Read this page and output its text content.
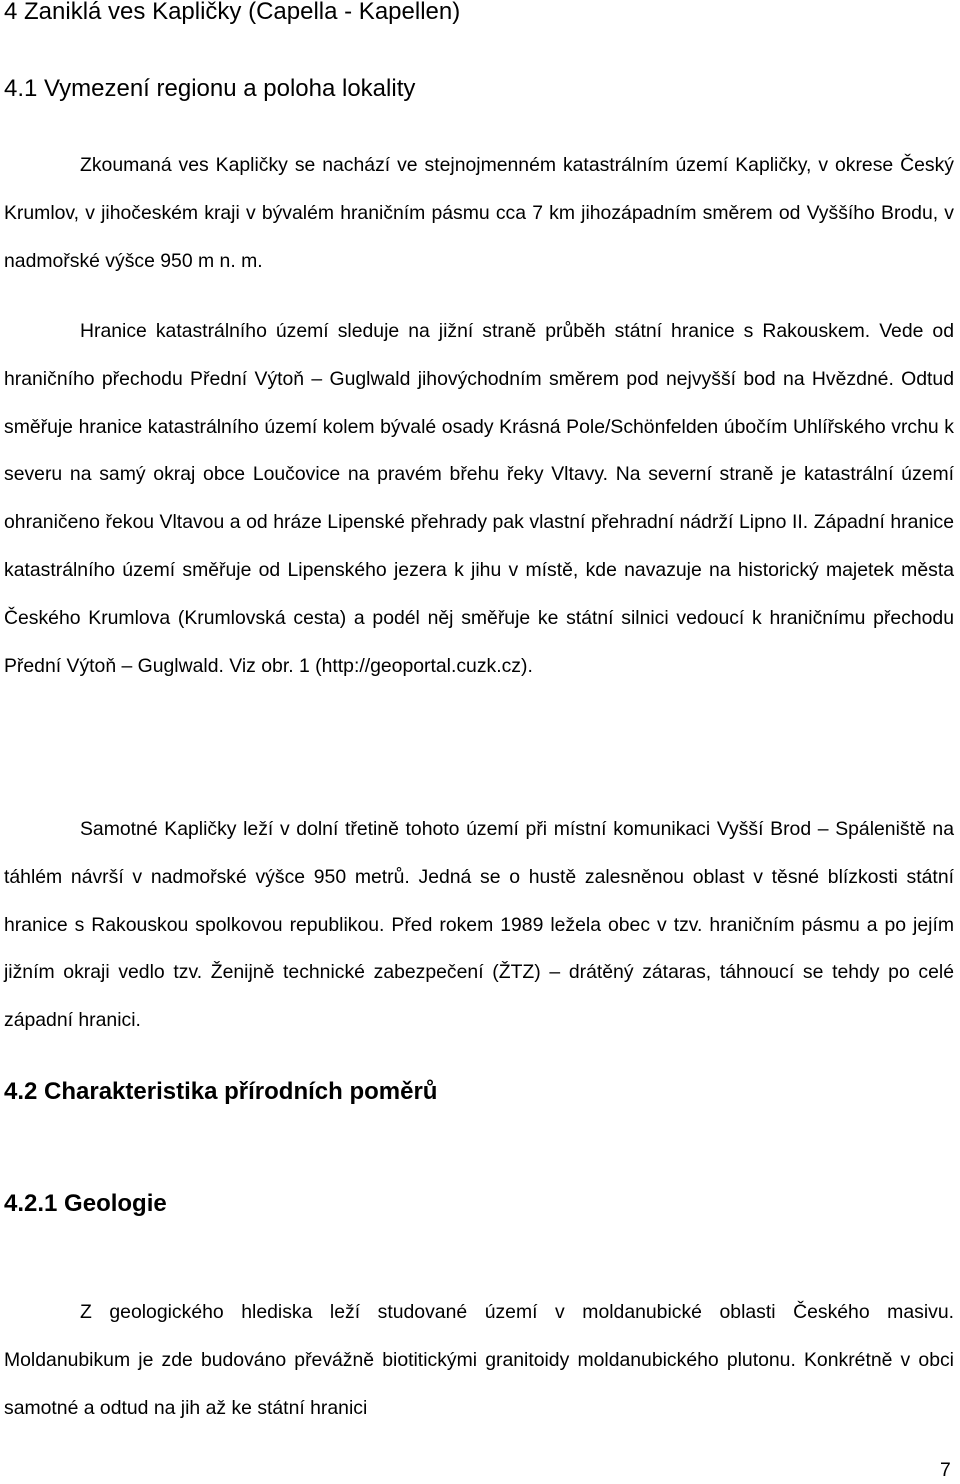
4 Zaniklá ves Kapličky (Capella - Kapellen)
4.1 Vymezení regionu a poloha lokality

Zkoumaná ves Kapličky se nachází ve stejnojmenném katastrálním území Kapličky, v okrese Český Krumlov, v jihočeském kraji v bývalém hraničním pásmu cca 7 km jihozápadním směrem od Vyššího Brodu, v nadmořské výšce 950 m n. m.

Hranice katastrálního území sleduje na jižní straně průběh státní hranice s Rakouskem. Vede od hraničního přechodu Přední Výtoň – Guglwald jihovýchodním směrem pod nejvyšší bod na Hvězdné. Odtud směřuje hranice katastrálního území kolem bývalé osady Krásná Pole/Schönfelden úbočím Uhlířského vrchu k severu na samý okraj obce Loučovice na pravém břehu řeky Vltavy. Na severní straně je katastrální území ohraničeno řekou Vltavou a od hráze Lipenské přehrady pak vlastní přehradní nádrží Lipno II. Západní hranice katastrálního území směřuje od Lipenského jezera k jihu v místě, kde navazuje na historický majetek města Českého Krumlova (Krumlovská cesta) a podél něj směřuje ke státní silnici vedoucí k hraničnímu přechodu Přední Výtoň – Guglwald. Viz obr. 1 (http://geoportal.cuzk.cz).

Samotné Kapličky leží v dolní třetině tohoto území při místní komunikaci Vyšší Brod – Spáleniště na táhlém návrší v nadmořské výšce 950 metrů. Jedná se o hustě zalesněnou oblast v těsné blízkosti státní hranice s Rakouskou spolkovou republikou. Před rokem 1989 ležela obec v tzv. hraničním pásmu a po jejím jižním okraji vedlo tzv. Ženijně technické zabezpečení (ŽTZ) – drátěný zátaras, táhnoucí se tehdy po celé západní hranici.

4.2 Charakteristika přírodních poměrů
4.2.1 Geologie

Z geologického hlediska leží studované území v moldanubické oblasti Českého masivu. Moldanubikum je zde budováno převážně biotitickými granitoidy moldanubického plutonu. Konkrétně v obci samotné a odtud na jih až ke státní hranici

7
